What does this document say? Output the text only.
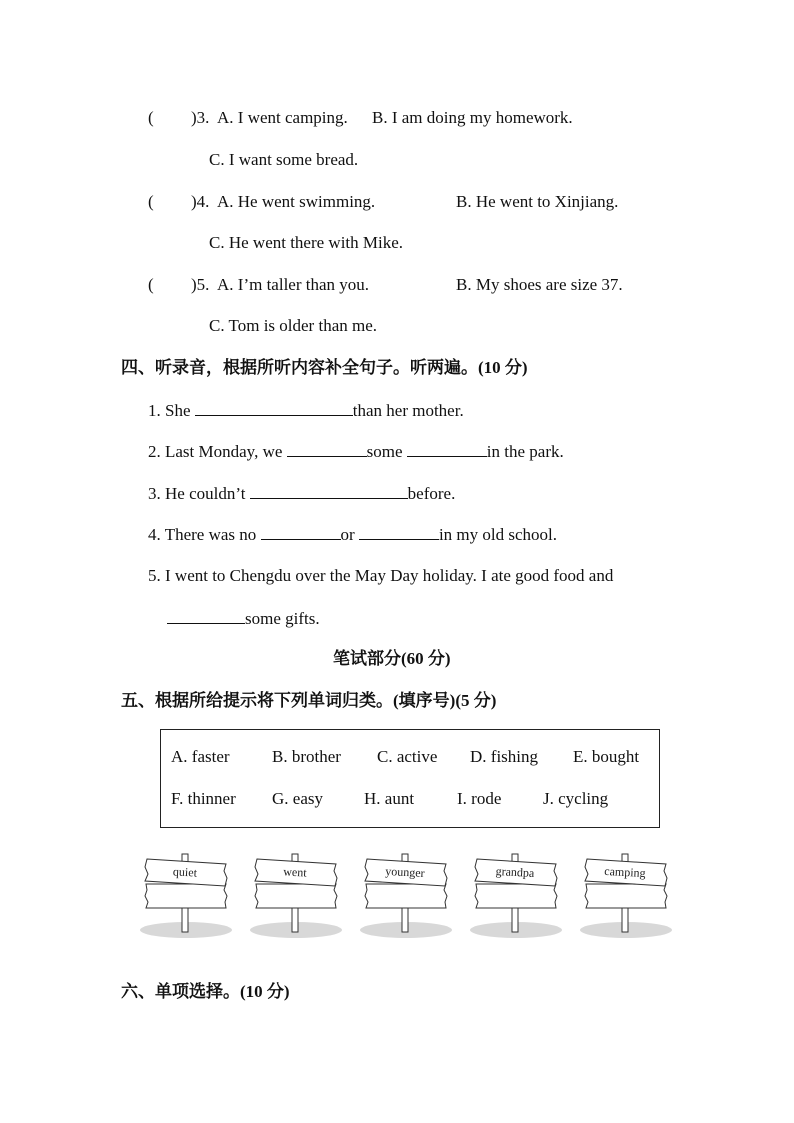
( )3. A. I went camping. B. I am doing my homework.
C. I want some bread.
( )4. A. He went swimming.	B. He went to Xinjiang.
C. He went there with Mike.
( )5. A. I’m taller than you.	B. My shoes are size 37.
C. Tom is older than me.
四、听录音，根据所听内容补全句子。听两遍。(10 分)
1. She	than her mother.
2. Last Monday, we	some	in the park.
3. He couldn’t	before.
4. There was no	or	in my old school.
5. I went to Chengdu over the May Day holiday. I ate good food and
some gifts.
笔试部分(60 分)
五、根据所给提示将下列单词归类。(填序号)(5 分)
A. faster B. brother C. active D. fishing E. bought
F. thinner G. easy H. aunt	I. rode J. cycling
quiet	went	younger	grandpa	camping
六、单项选择。(10 分)
